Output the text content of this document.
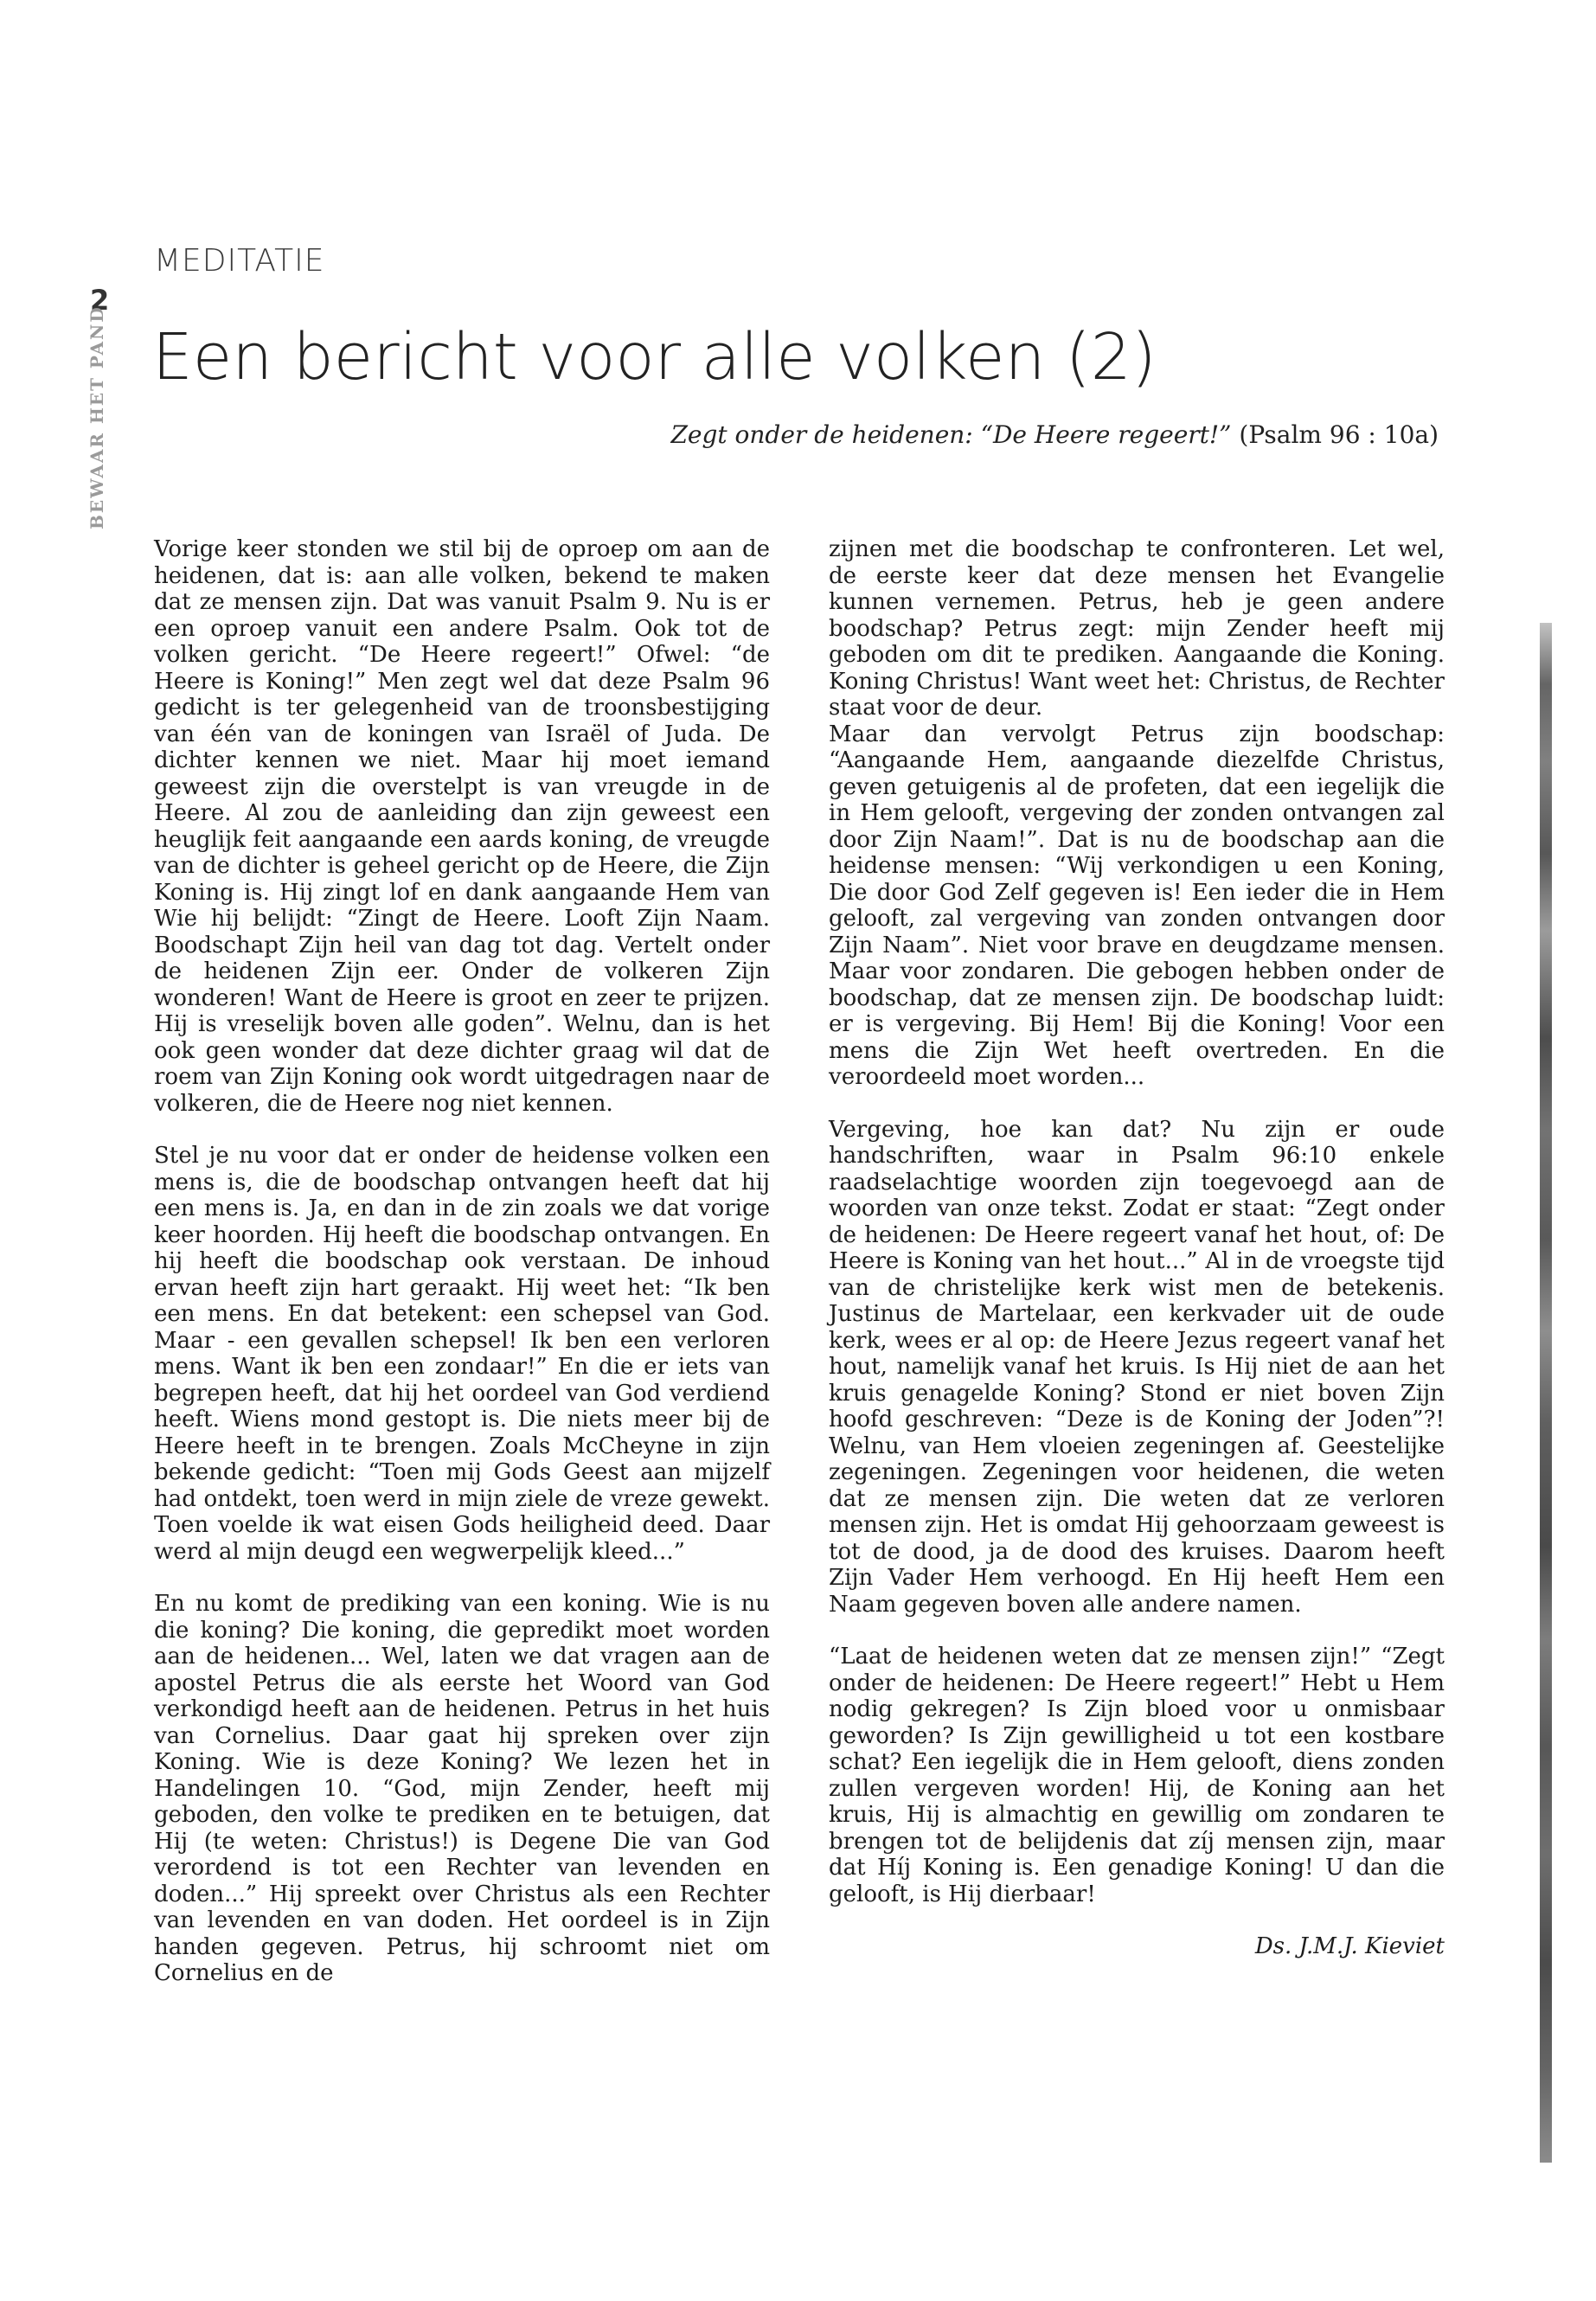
2
BEWAAR HET PAND
MEDITATIE
Een bericht voor alle volken (2)
Zegt onder de heidenen: “De Heere regeert!” (Psalm 96 : 10a)

Vorige keer stonden we stil bij de oproep om aan de heidenen, dat is: aan alle volken, bekend te maken dat ze mensen zijn. Dat was vanuit Psalm 9. Nu is er een oproep vanuit een andere Psalm. Ook tot de volken gericht. “De Heere regeert!” Ofwel: “de Heere is Koning!” Men zegt wel dat deze Psalm 96 gedicht is ter gelegenheid van de troonsbestijging van één van de koningen van Israël of Juda. De dichter kennen we niet. Maar hij moet iemand geweest zijn die overstelpt is van vreugde in de Heere. Al zou de aanleiding dan zijn geweest een heuglijk feit aangaande een aards koning, de vreugde van de dichter is geheel gericht op de Heere, die Zijn Koning is. Hij zingt lof en dank aangaande Hem van Wie hij belijdt: “Zingt de Heere. Looft Zijn Naam. Boodschapt Zijn heil van dag tot dag. Vertelt onder de heidenen Zijn eer. Onder de volkeren Zijn wonderen! Want de Heere is groot en zeer te prijzen. Hij is vreselijk boven alle goden”. Welnu, dan is het ook geen wonder dat deze dichter graag wil dat de roem van Zijn Koning ook wordt uitgedragen naar de volkeren, die de Heere nog niet kennen.

Stel je nu voor dat er onder de heidense volken een mens is, die de boodschap ontvangen heeft dat hij een mens is. Ja, en dan in de zin zoals we dat vorige keer hoorden. Hij heeft die boodschap ontvangen. En hij heeft die boodschap ook verstaan. De inhoud ervan heeft zijn hart geraakt. Hij weet het: “Ik ben een mens. En dat betekent: een schepsel van God. Maar - een gevallen schepsel! Ik ben een verloren mens. Want ik ben een zondaar!” En die er iets van begrepen heeft, dat hij het oordeel van God verdiend heeft. Wiens mond gestopt is. Die niets meer bij de Heere heeft in te brengen. Zoals McCheyne in zijn bekende gedicht: “Toen mij Gods Geest aan mijzelf had ontdekt, toen werd in mijn ziele de vreze gewekt. Toen voelde ik wat eisen Gods heiligheid deed. Daar werd al mijn deugd een wegwerpelijk kleed...”

En nu komt de prediking van een koning. Wie is nu die koning? Die koning, die gepredikt moet worden aan de heidenen... Wel, laten we dat vragen aan de apostel Petrus die als eerste het Woord van God verkondigd heeft aan de heidenen. Petrus in het huis van Cornelius. Daar gaat hij spreken over zijn Koning. Wie is deze Koning? We lezen het in Handelingen 10. “God, mijn Zender, heeft mij geboden, den volke te prediken en te betuigen, dat Hij (te weten: Christus!) is Degene Die van God verordend is tot een Rechter van levenden en doden...” Hij spreekt over Christus als een Rechter van levenden en van doden. Het oordeel is in Zijn handen gegeven. Petrus, hij schroomt niet om Cornelius en de

zijnen met die boodschap te confronteren. Let wel, de eerste keer dat deze mensen het Evangelie kunnen vernemen. Petrus, heb je geen andere boodschap? Petrus zegt: mijn Zender heeft mij geboden om dit te prediken. Aangaande die Koning. Koning Christus! Want weet het: Christus, de Rechter staat voor de deur.

Maar dan vervolgt Petrus zijn boodschap: “Aangaande Hem, aangaande diezelfde Christus, geven getuigenis al de profeten, dat een iegelijk die in Hem gelooft, vergeving der zonden ontvangen zal door Zijn Naam!”. Dat is nu de boodschap aan die heidense mensen: “Wij verkondigen u een Koning, Die door God Zelf gegeven is! Een ieder die in Hem gelooft, zal vergeving van zonden ontvangen door Zijn Naam”. Niet voor brave en deugdzame mensen. Maar voor zondaren. Die gebogen hebben onder de boodschap, dat ze mensen zijn. De boodschap luidt: er is vergeving. Bij Hem! Bij die Koning! Voor een mens die Zijn Wet heeft overtreden. En die veroordeeld moet worden...

Vergeving, hoe kan dat? Nu zijn er oude handschriften, waar in Psalm 96:10 enkele raadselachtige woorden zijn toegevoegd aan de woorden van onze tekst. Zodat er staat: “Zegt onder de heidenen: De Heere regeert vanaf het hout, of: De Heere is Koning van het hout...” Al in de vroegste tijd van de christelijke kerk wist men de betekenis. Justinus de Martelaar, een kerkvader uit de oude kerk, wees er al op: de Heere Jezus regeert vanaf het hout, namelijk vanaf het kruis. Is Hij niet de aan het kruis genagelde Koning? Stond er niet boven Zijn hoofd geschreven: “Deze is de Koning der Joden”?! Welnu, van Hem vloeien zegeningen af. Geestelijke zegeningen. Zegeningen voor heidenen, die weten dat ze mensen zijn. Die weten dat ze verloren mensen zijn. Het is omdat Hij gehoorzaam geweest is tot de dood, ja de dood des kruises. Daarom heeft Zijn Vader Hem verhoogd. En Hij heeft Hem een Naam gegeven boven alle andere namen.

“Laat de heidenen weten dat ze mensen zijn!” “Zegt onder de heidenen: De Heere regeert!” Hebt u Hem nodig gekregen? Is Zijn bloed voor u onmisbaar geworden? Is Zijn gewilligheid u tot een kostbare schat? Een iegelijk die in Hem gelooft, diens zonden zullen vergeven worden! Hij, de Koning aan het kruis, Hij is almachtig en gewillig om zondaren te brengen tot de belijdenis dat zíj mensen zijn, maar dat Híj Koning is. Een genadige Koning! U dan die gelooft, is Hij dierbaar!

Ds. J.M.J. Kieviet
